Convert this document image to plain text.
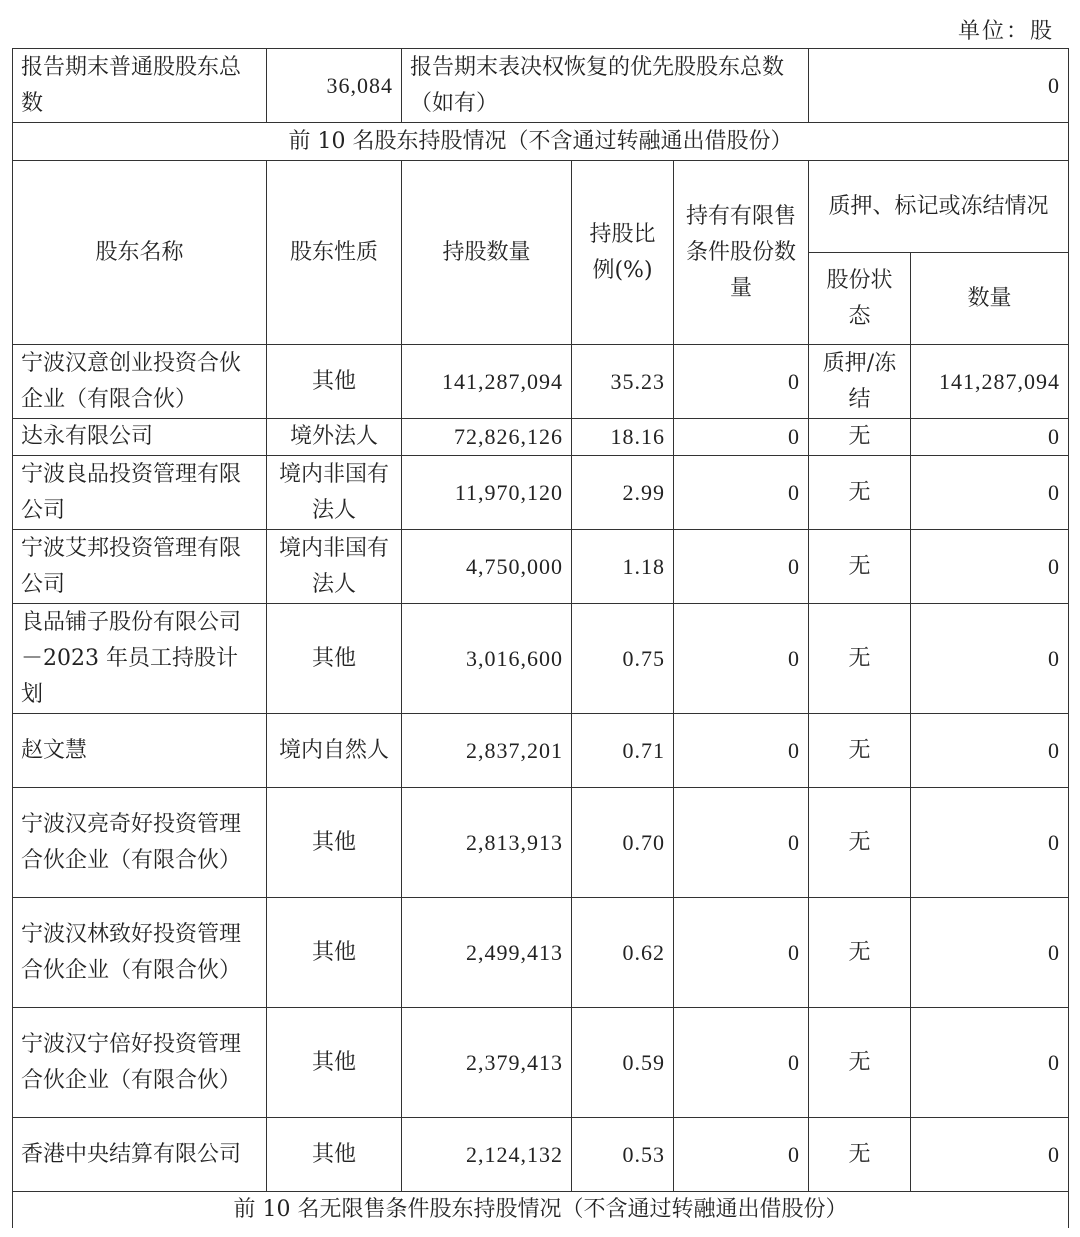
单位：股
报告期末普通股股东总数	36,084	报告期末表决权恢复的优先股股东总数（如有）			0	
前 10 名股东持股情况（不含通过转融通出借股份）						
股东名称	股东性质	持股数量	持股比例(%)	持有有限售条件股份数量	质押、标记或冻结情况	
					股份状态	数量
宁波汉意创业投资合伙企业（有限合伙）	其他	141,287,094	35.23	0	质押/冻结	141,287,094
达永有限公司	境外法人	72,826,126	18.16	0	无	0
宁波良品投资管理有限公司	境内非国有法人	11,970,120	2.99	0	无	0
宁波艾邦投资管理有限公司	境内非国有法人	4,750,000	1.18	0	无	0
良品铺子股份有限公司－2023 年员工持股计划	其他	3,016,600	0.75	0	无	0
赵文慧	境内自然人	2,837,201	0.71	0	无	0
宁波汉亮奇好投资管理合伙企业（有限合伙）	其他	2,813,913	0.70	0	无	0
宁波汉林致好投资管理合伙企业（有限合伙）	其他	2,499,413	0.62	0	无	0
宁波汉宁倍好投资管理合伙企业（有限合伙）	其他	2,379,413	0.59	0	无	0
香港中央结算有限公司	其他	2,124,132	0.53	0	无	0
前 10 名无限售条件股东持股情况（不含通过转融通出借股份）						
